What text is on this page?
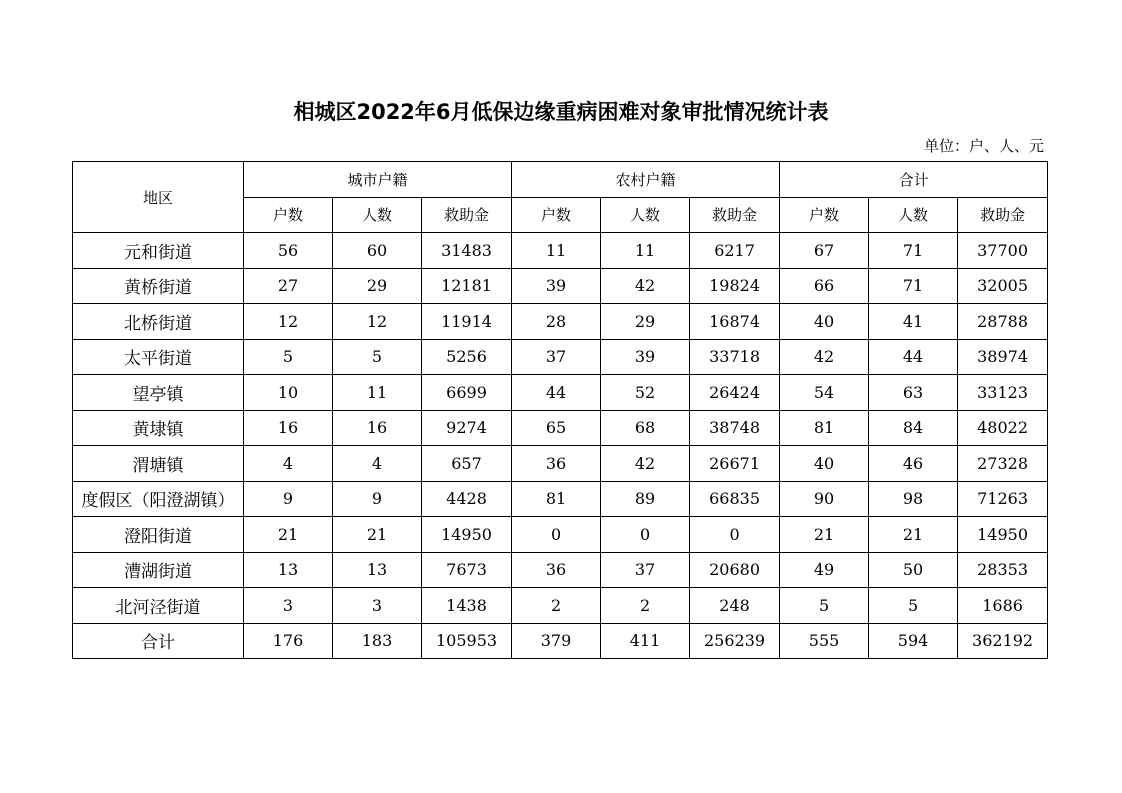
相城区2022年6月低保边缘重病困难对象审批情况统计表
单位：户、人、元
地区	城市户籍			农村户籍			合计		
	户数	人数	救助金	户数	人数	救助金	户数	人数	救助金
元和街道	56	60	31483	11	11	6217	67	71	37700
黄桥街道	27	29	12181	39	42	19824	66	71	32005
北桥街道	12	12	11914	28	29	16874	40	41	28788
太平街道	5	5	5256	37	39	33718	42	44	38974
望亭镇	10	11	6699	44	52	26424	54	63	33123
黄埭镇	16	16	9274	65	68	38748	81	84	48022
渭塘镇	4	4	657	36	42	26671	40	46	27328
度假区（阳澄湖镇）	9	9	4428	81	89	66835	90	98	71263
澄阳街道	21	21	14950	0	0	0	21	21	14950
漕湖街道	13	13	7673	36	37	20680	49	50	28353
北河泾街道	3	3	1438	2	2	248	5	5	1686
合计	176	183	105953	379	411	256239	555	594	362192
